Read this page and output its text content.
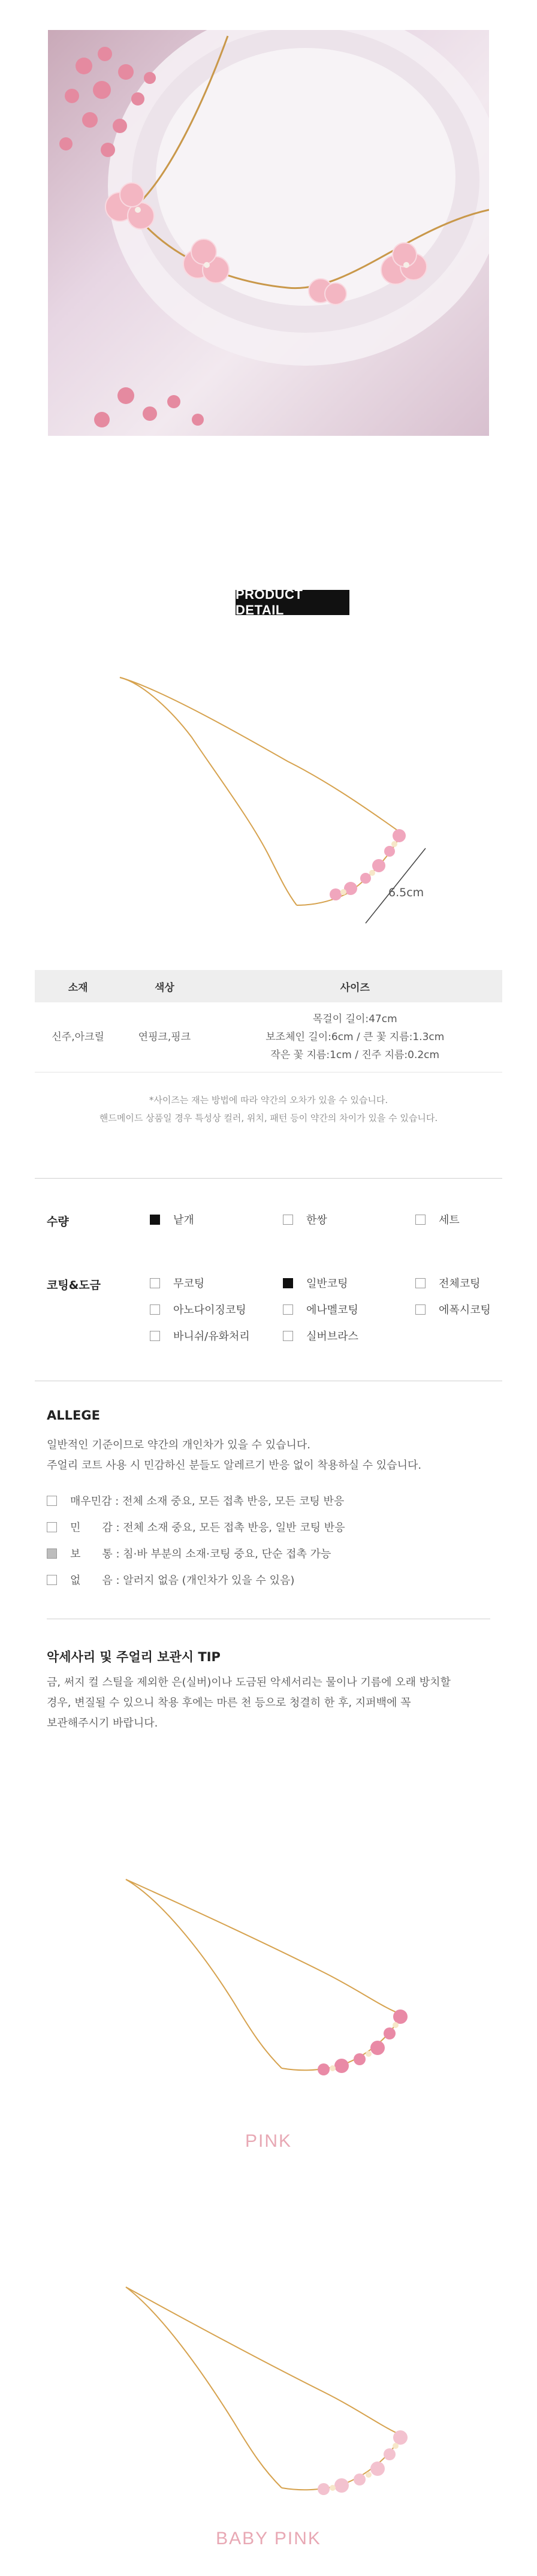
PRODUCT DETAIL
6.5cm
소재	색상	사이즈
신주,아크릴	연핑크,핑크	목걸이 길이:47cm
보조체인 길이:6cm / 큰 꽃 지름:1.3cm
작은 꽃 지름:1cm / 진주 지름:0.2cm
*사이즈는 재는 방법에 따라 약간의 오차가 있을 수 있습니다.
핸드메이드 상품일 경우 특성상 컬러, 위치, 패턴 등이 약간의 차이가 있을 수 있습니다.
수량	낱개	한쌍	세트
코팅&도금	무코팅	일반코팅	전체코팅
아노다이징코팅	에나멜코팅	에폭시코팅
바니쉬/유화처리	실버브라스
ALLEGE
일반적인 기준이므로 약간의 개인차가 있을 수 있습니다.
주얼리 코트 사용 시 민감하신 분들도 알레르기 반응 없이 착용하실 수 있습니다.
매우민감 : 전체 소재 중요, 모든 접촉 반응, 모든 코팅 반응
민　　감 : 전체 소재 중요, 모든 접촉 반응, 일반 코팅 반응
보　　통 : 침·바 부분의 소재·코팅 중요, 단순 접촉 가능
없　　음 : 알러지 없음 (개인차가 있을 수 있음)
악세사리 및 주얼리 보관시 TIP
금, 써지 컬 스틸을 제외한 은(실버)이나 도금된 악세서리는 물이나 기름에 오래 방치할
경우, 변질될 수 있으니 착용 후에는 마른 천 등으로 청결히 한 후, 지퍼백에 꼭
보관해주시기 바랍니다.
PINK
BABY PINK
